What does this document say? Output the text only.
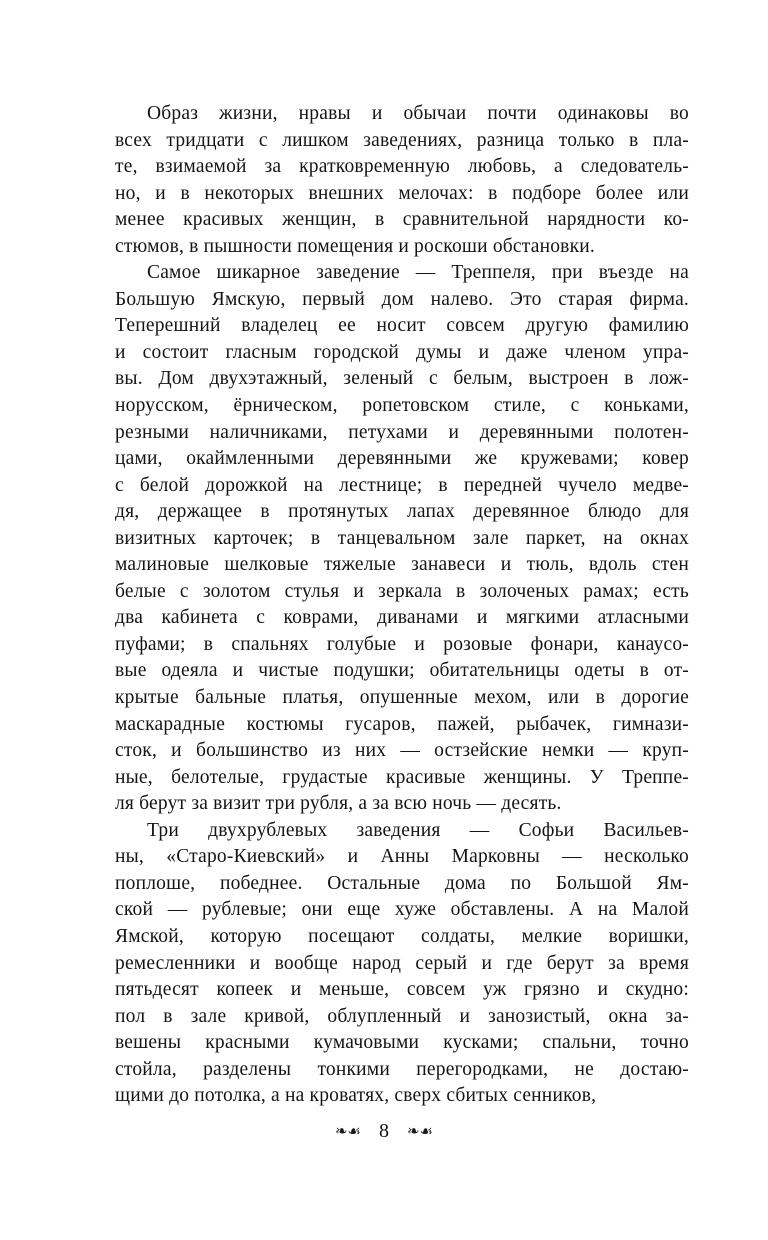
Образ жизни, нравы и обычаи почти одинаковы во
всех тридцати с лишком заведениях, разница только в пла-
те, взимаемой за кратковременную любовь, а следователь-
но, и в некоторых внешних мелочах: в подборе более или
менее красивых женщин, в сравнительной нарядности ко-
стюмов, в пышности помещения и роскоши обстановки.
Самое шикарное заведение — Треппеля, при въезде на
Большую Ямскую, первый дом налево. Это старая фирма.
Теперешний владелец ее носит совсем другую фамилию
и состоит гласным городской думы и даже членом упра-
вы. Дом двухэтажный, зеленый с белым, выстроен в лож-
норусском, ёрническом, ропетовском стиле, с коньками,
резными наличниками, петухами и деревянными полотен-
цами, окаймленными деревянными же кружевами; ковер
с белой дорожкой на лестнице; в передней чучело медве-
дя, держащее в протянутых лапах деревянное блюдо для
визитных карточек; в танцевальном зале паркет, на окнах
малиновые шелковые тяжелые занавеси и тюль, вдоль стен
белые с золотом стулья и зеркала в золоченых рамах; есть
два кабинета с коврами, диванами и мягкими атласными
пуфами; в спальнях голубые и розовые фонари, канаусо-
вые одеяла и чистые подушки; обитательницы одеты в от-
крытые бальные платья, опушенные мехом, или в дорогие
маскарадные костюмы гусаров, пажей, рыбачек, гимнази-
сток, и большинство из них — остзейские немки — круп-
ные, белотелые, грудастые красивые женщины. У Треппе-
ля берут за визит три рубля, а за всю ночь — десять.
Три двухрублевых заведения — Софьи Васильев-
ны, «Старо-Киевский» и Анны Марковны — несколько
поплоше, победнее. Остальные дома по Большой Ям-
ской — рублевые; они еще хуже обставлены. А на Малой
Ямской, которую посещают солдаты, мелкие воришки,
ремесленники и вообще народ серый и где берут за время
пятьдесят копеек и меньше, совсем уж грязно и скудно:
пол в зале кривой, облупленный и занозистый, окна за-
вешены красными кумачовыми кусками; спальни, точно
стойла, разделены тонкими перегородками, не достаю-
щими до потолка, а на кроватях, сверх сбитых сенников,
❧☙ 8 ❧☙
